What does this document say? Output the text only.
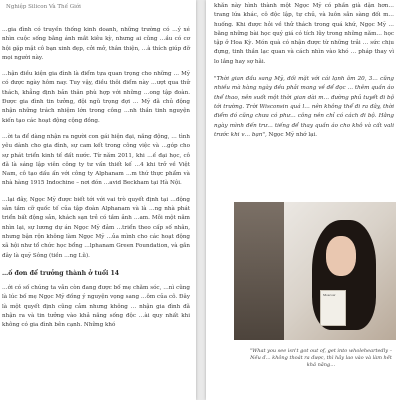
Nghiệp Silicon Và Thế Giới

…gia đình có truyền thống kinh doanh, những trường có …ý xé nhìn cuộc sống bằng ánh mắt kiêu kỳ, nhưng ai cũng …ầu có cơ hội gặp mặt cô bạn xinh đẹp, cởi mở, thân thiện, …à thích giúp đỡ mọi người này.

…hận điều kiện gia đình là điểm tựa quan trọng cho những … Mỹ có được ngày hôm nay. Tuy vậy, điều thôi điểm này …ượt qua thử thách, khẳng định bản thân phù hợp với những …ong tập đoàn. Được gia đình tin tưởng, đội ngũ trọng đợi … Mỹ đã chủ động nhận những trách nhiệm lớn trong công …nh thần tinh nguyện kiến tạo các hoạt động cộng đồng.

…ời ta để dàng nhận ra người con gái hiện đại, năng động, … tình yêu dành cho gia đình, sự cam kết trong công việc và …góp cho sự phát triển kinh tế đất nước. Từ năm 2011, khi …ế đại học, cô đã là sáng lập viên công ty tư vấn thiết kế …4 khi trở về Việt Nam, cô tạo dấu ấn với công ty Alphanam …m thứ thực phẩm và nhà hàng 1915 Indochine – nơi đón …avid Beckham tại Hà Nội.

…lại đây, Ngọc Mỹ được biết tới với vai trò quyết định tại …động sản tầm cỡ quốc tế của tập đoàn Alphanam và là …ng nhà phát triển bất động sản, khách sạn trẻ có tầm ảnh …am. Mỗi một năm nhìn lại, sự lương dự án Ngọc Mỹ đảm …triển theo cấp số nhân, nhưng bận rộn không làm Ngọc Mỹ …ủa mình cho các hoạt động xã hội như tổ chức học bổng …lphanam Green Foundation, và gắn đây là quỹ Sông (tiền …ng Lũ).

…ố đơn để trưởng thành ở tuổi 14

…ới có số chúng ta vẫn còn đang được bố mẹ chăm sóc, …nì cũng là lúc bố mẹ Ngọc Mỹ đồng ý nguyện vọng sang …ôm của cô. Đây là một quyết định cũng cảm nhưng không … nhận gia đình đã nhận ra và tin tưởng vào khả năng sống độc …ài quy nhất khi không có gia đình bên cạnh. Những khó

khăn này hình thành một Ngọc Mỹ có phần già dặn hơn… trang lứa khác, cô độc lập, tự chủ, và luôn sẵn sàng đối m… huống. Khi được hỏi về thử thách trong quá khứ, Ngọc Mỹ … bằng những bài học quý giá có tích lũy trong những năm… học tập ở Hoa Kỳ. Món quà có nhận được từ những trải … sức chịu đựng, tinh thần lạc quan và cách nhìn vào khó … pháp thay vì lo lắng hay sợ hãi.

"Thời gian đầu sang Mỹ, đối mặt với cái lạnh âm 20, 3… cũng nhiều mà hàng ngày đều phải mang về để đọc … thêm quần áo thể thao, nên suốt một thời gian dài m… đường phủ tuyết đi bộ tới trường. Trời Wisconsin quá l… nên không thể đi ra đây, thời điểm đó cũng chưa có phư… công nên chỉ có cách đi bộ. Hằng ngày mình đến trư… tiếng để thay quần áo cho khô và cất vali trước khi v… bạn", Ngọc Mỹ nhớ lại.

Moscow
"What you see isn't got out of, get into wholeheartedly – Nếu đ… không thoát ra được, thì hãy lao vào và làm hết khả năng…
